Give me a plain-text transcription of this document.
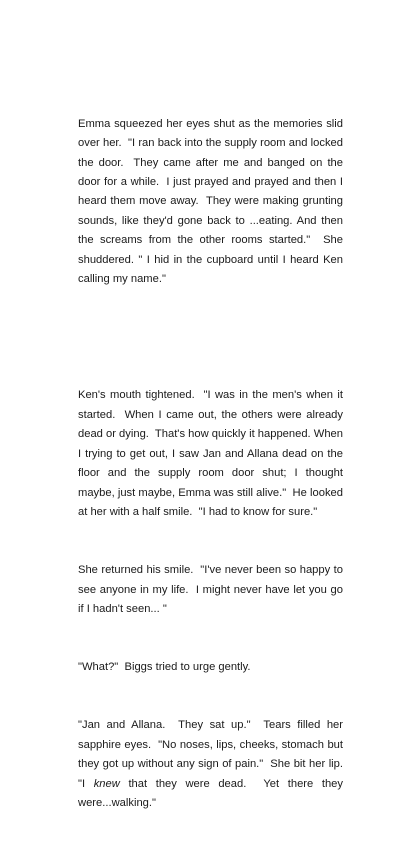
Emma squeezed her eyes shut as the memories slid over her.  "I ran back into the supply room and locked the door.  They came after me and banged on the door for a while.  I just prayed and prayed and then I heard them move away.  They were making grunting sounds, like they'd gone back to ...eating. And then the screams from the other rooms started."  She shuddered. " I hid in the cupboard until I heard Ken calling my name."

Ken's mouth tightened.  "I was in the men's when it started.  When I came out, the others were already dead or dying.  That's how quickly it happened. When I trying to get out, I saw Jan and Allana dead on the floor and the supply room door shut; I thought maybe, just maybe, Emma was still alive."  He looked at her with a half smile.  "I had to know for sure."

She returned his smile.  "I've never been so happy to see anyone in my life.  I might never have let you go if I hadn't seen... "

"What?"  Biggs tried to urge gently.

"Jan and Allana.  They sat up."  Tears filled her sapphire eyes.  "No noses, lips, cheeks, stomach but they got up without any sign of pain."  She bit her lip. "I knew that they were dead.  Yet there they were...walking."
